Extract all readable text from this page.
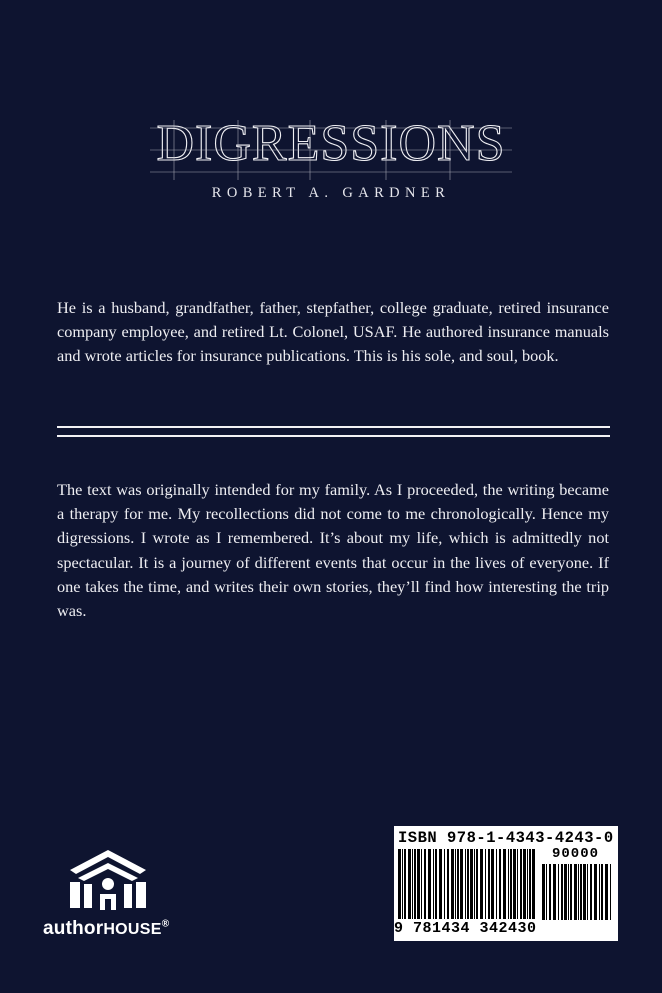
DIGRESSIONS
ROBERT A. GARDNER
He is a husband, grandfather, father, stepfather, college graduate, retired insurance company employee, and retired Lt. Colonel, USAF. He authored insurance manuals and wrote articles for insurance publications. This is his sole, and soul, book.
The text was originally intended for my family. As I proceeded, the writing became a therapy for me. My recollections did not come to me chronologically. Hence my digressions. I wrote as I remembered. It’s about my life, which is admittedly not spectacular. It is a journey of different events that occur in the lives of everyone. If one takes the time, and writes their own stories, they’ll find how interesting the trip was.
authorHOUSE®
ISBN 978-1-4343-4243-0
90000
9 781434 342430
